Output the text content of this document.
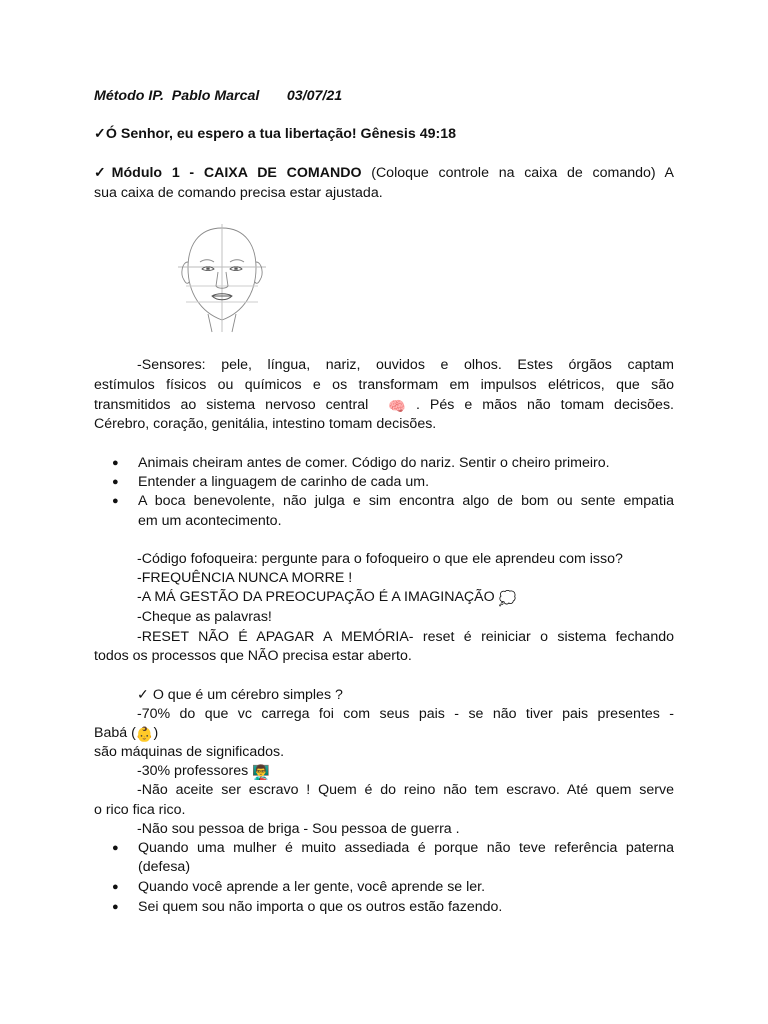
Método IP. Pablo Marcal 03/07/21
✓Ó Senhor, eu espero a tua libertação! Gênesis 49:18
✓Módulo 1 - CAIXA DE COMANDO (Coloque controle na caixa de comando) A
sua caixa de comando precisa estar ajustada.
-Sensores: pele, língua, nariz, ouvidos e olhos. Estes órgãos captam
estímulos físicos ou químicos e os transformam em impulsos elétricos, que são
transmitidos ao sistema nervoso central 🧠 . Pés e mãos não tomam decisões.
Cérebro, coração, genitália, intestino tomam decisões.
● Animais cheiram antes de comer. Código do nariz. Sentir o cheiro primeiro.
● Entender a linguagem de carinho de cada um.
● A boca benevolente, não julga e sim encontra algo de bom ou sente empatia
em um acontecimento.
-Código fofoqueira: pergunte para o fofoqueiro o que ele aprendeu com isso?
-FREQUÊNCIA NUNCA MORRE !
-A MÁ GESTÃO DA PREOCUPAÇÃO É A IMAGINAÇÃO 💭
-Cheque as palavras!
-RESET NÃO É APAGAR A MEMÓRIA- reset é reiniciar o sistema fechando
todos os processos que NÃO precisa estar aberto.
✓ O que é um cérebro simples ?
-70% do que vc carrega foi com seus pais - se não tiver pais presentes -
Babá (👶)
são máquinas de significados.
-30% professores 👨‍🏫
-Não aceite ser escravo ! Quem é do reino não tem escravo. Até quem serve
o rico fica rico.
-Não sou pessoa de briga - Sou pessoa de guerra .
● Quando uma mulher é muito assediada é porque não teve referência paterna
(defesa)
● Quando você aprende a ler gente, você aprende se ler.
● Sei quem sou não importa o que os outros estão fazendo.
